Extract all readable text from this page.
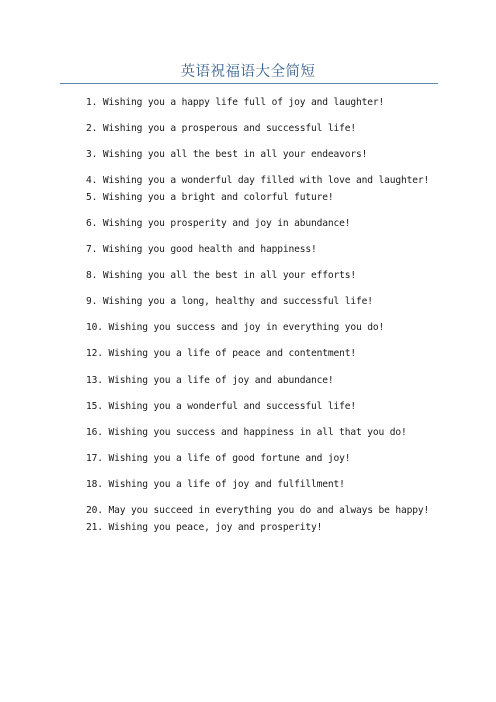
英语祝福语大全简短
1. Wishing you a happy life full of joy and laughter!
2. Wishing you a prosperous and successful life!
3. Wishing you all the best in all your endeavors!
4. Wishing you a wonderful day filled with love and laughter!
5. Wishing you a bright and colorful future!
6. Wishing you prosperity and joy in abundance!
7. Wishing you good health and happiness!
8. Wishing you all the best in all your efforts!
9. Wishing you a long, healthy and successful life!
10. Wishing you success and joy in everything you do!
12. Wishing you a life of peace and contentment!
13. Wishing you a life of joy and abundance!
15. Wishing you a wonderful and successful life!
16. Wishing you success and happiness in all that you do!
17. Wishing you a life of good fortune and joy!
18. Wishing you a life of joy and fulfillment!
20. May you succeed in everything you do and always be happy!
21. Wishing you peace, joy and prosperity!
